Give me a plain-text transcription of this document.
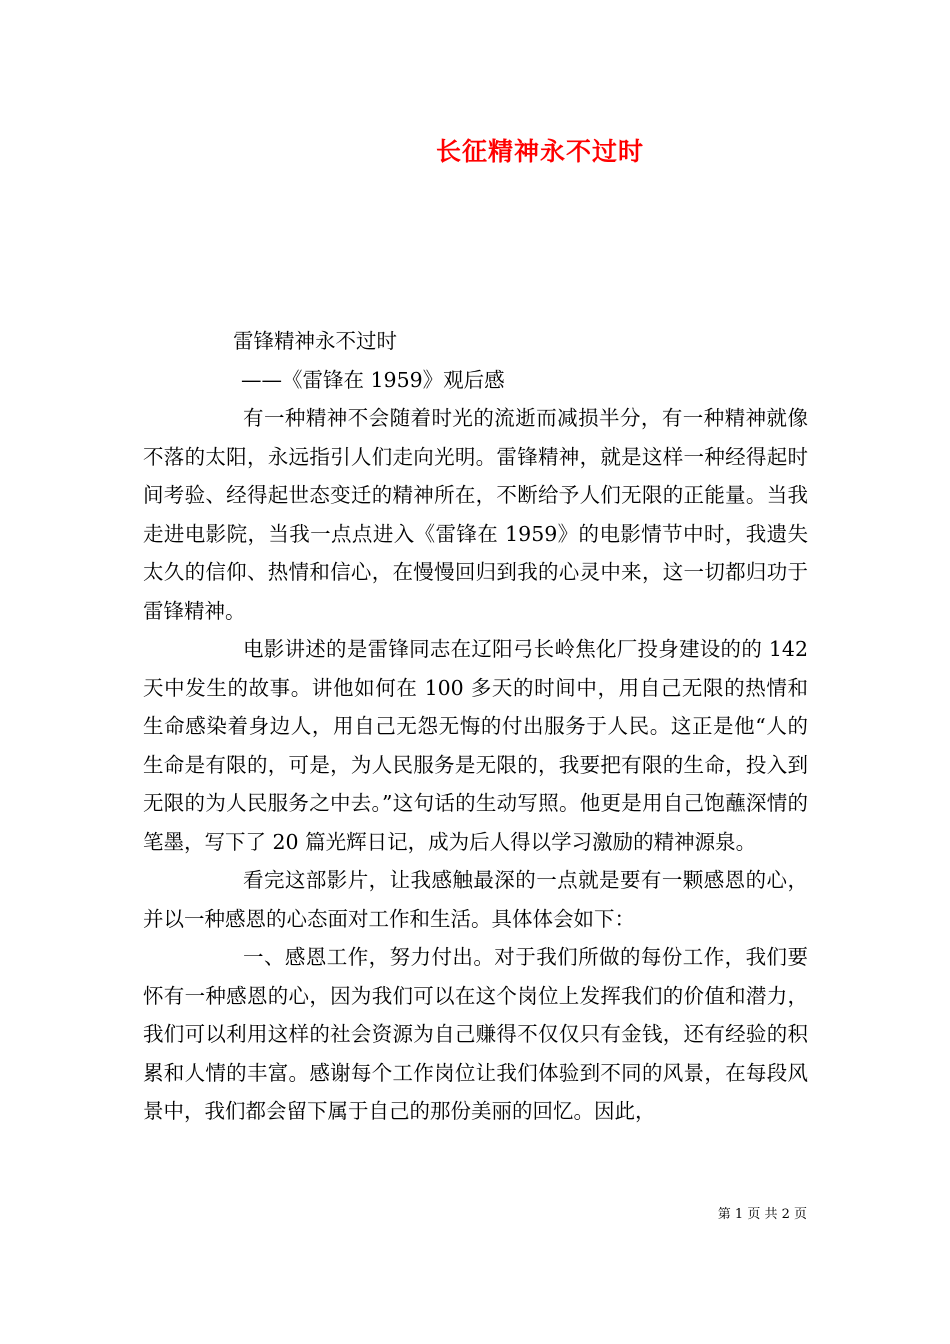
长征精神永不过时

雷锋精神永不过时

——《雷锋在 1959》观后感

有一种精神不会随着时光的流逝而减损半分，有一种精神就像不落的太阳，永远指引人们走向光明。雷锋精神，就是这样一种经得起时间考验、经得起世态变迁的精神所在，不断给予人们无限的正能量。当我走进电影院，当我一点点进入《雷锋在 1959》的电影情节中时，我遗失太久的信仰、热情和信心，在慢慢回归到我的心灵中来，这一切都归功于雷锋精神。

电影讲述的是雷锋同志在辽阳弓长岭焦化厂投身建设的的 142 天中发生的故事。讲他如何在 100 多天的时间中，用自己无限的热情和生命感染着身边人，用自己无怨无悔的付出服务于人民。这正是他“人的生命是有限的，可是，为人民服务是无限的，我要把有限的生命，投入到无限的为人民服务之中去。”这句话的生动写照。他更是用自己饱蘸深情的笔墨，写下了 20 篇光辉日记，成为后人得以学习激励的精神源泉。

看完这部影片，让我感触最深的一点就是要有一颗感恩的心，并以一种感恩的心态面对工作和生活。具体体会如下：

一、感恩工作，努力付出。对于我们所做的每份工作，我们要怀有一种感恩的心，因为我们可以在这个岗位上发挥我们的价值和潜力，我们可以利用这样的社会资源为自己赚得不仅仅只有金钱，还有经验的积累和人情的丰富。感谢每个工作岗位让我们体验到不同的风景，在每段风景中，我们都会留下属于自己的那份美丽的回忆。因此，

第 1 页 共 2 页
